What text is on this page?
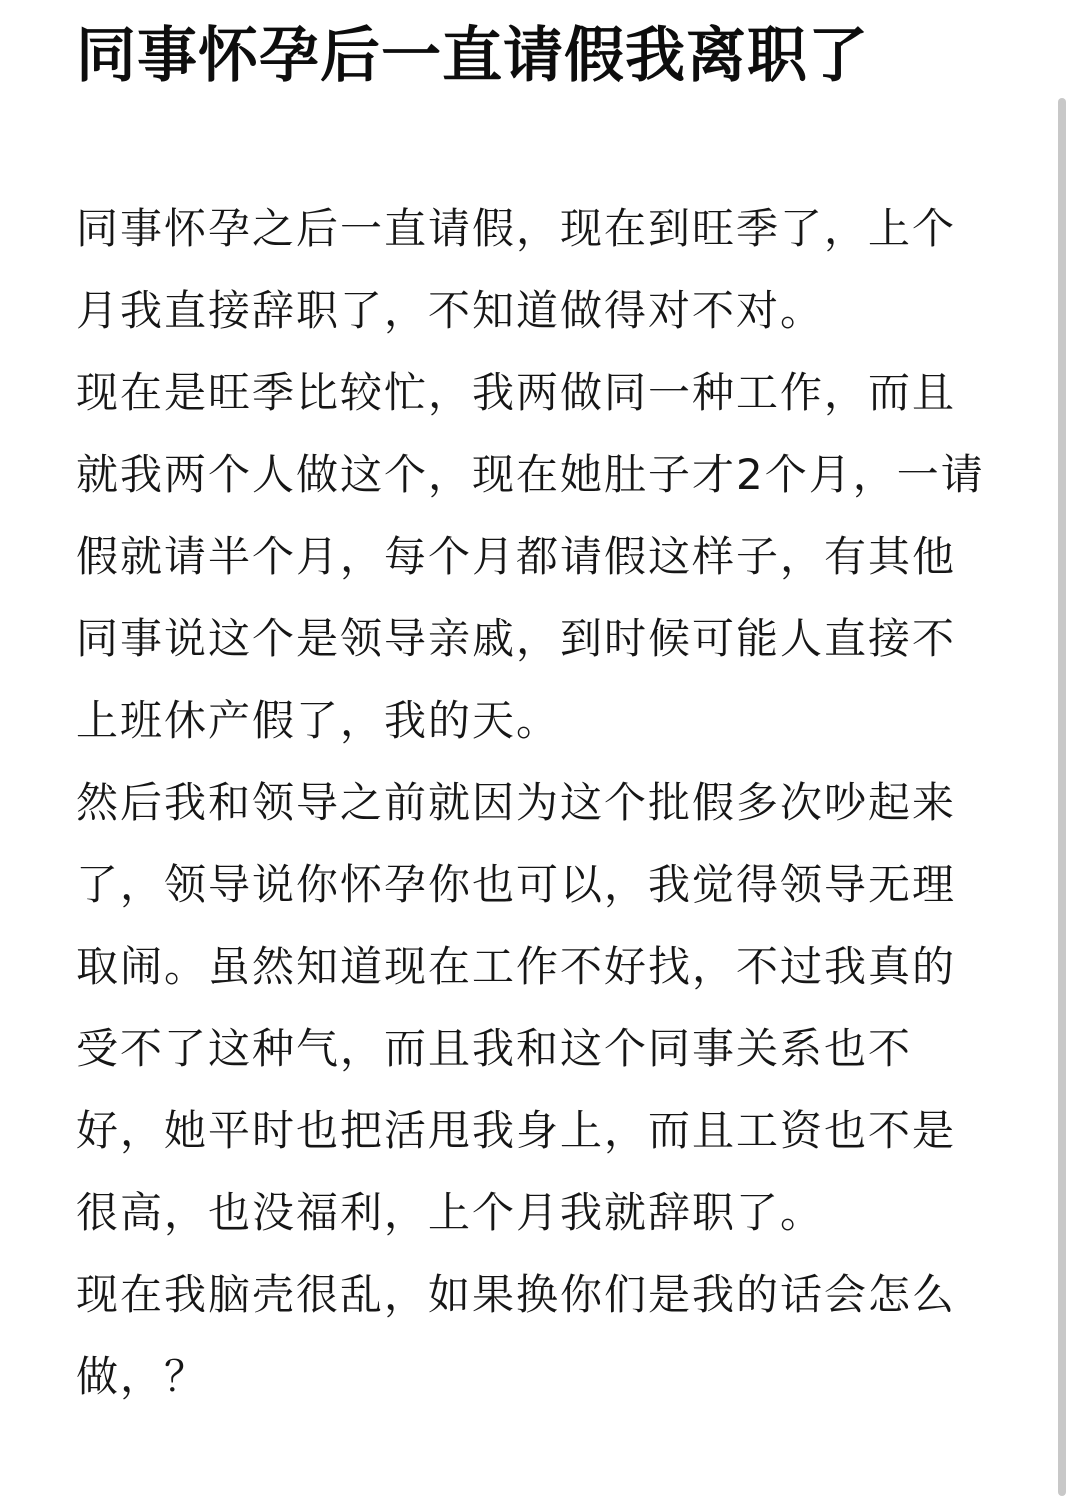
同事怀孕后一直请假我离职了

同事怀孕之后一直请假，现在到旺季了，上个月我直接辞职了，不知道做得对不对。

现在是旺季比较忙，我两做同一种工作，而且就我两个人做这个，现在她肚子才2个月，一请假就请半个月，每个月都请假这样子，有其他同事说这个是领导亲戚，到时候可能人直接不上班休产假了，我的天。

然后我和领导之前就因为这个批假多次吵起来了，领导说你怀孕你也可以，我觉得领导无理取闹。虽然知道现在工作不好找，不过我真的受不了这种气，而且我和这个同事关系也不好，她平时也把活甩我身上，而且工资也不是很高，也没福利，上个月我就辞职了。

现在我脑壳很乱，如果换你们是我的话会怎么做，？
